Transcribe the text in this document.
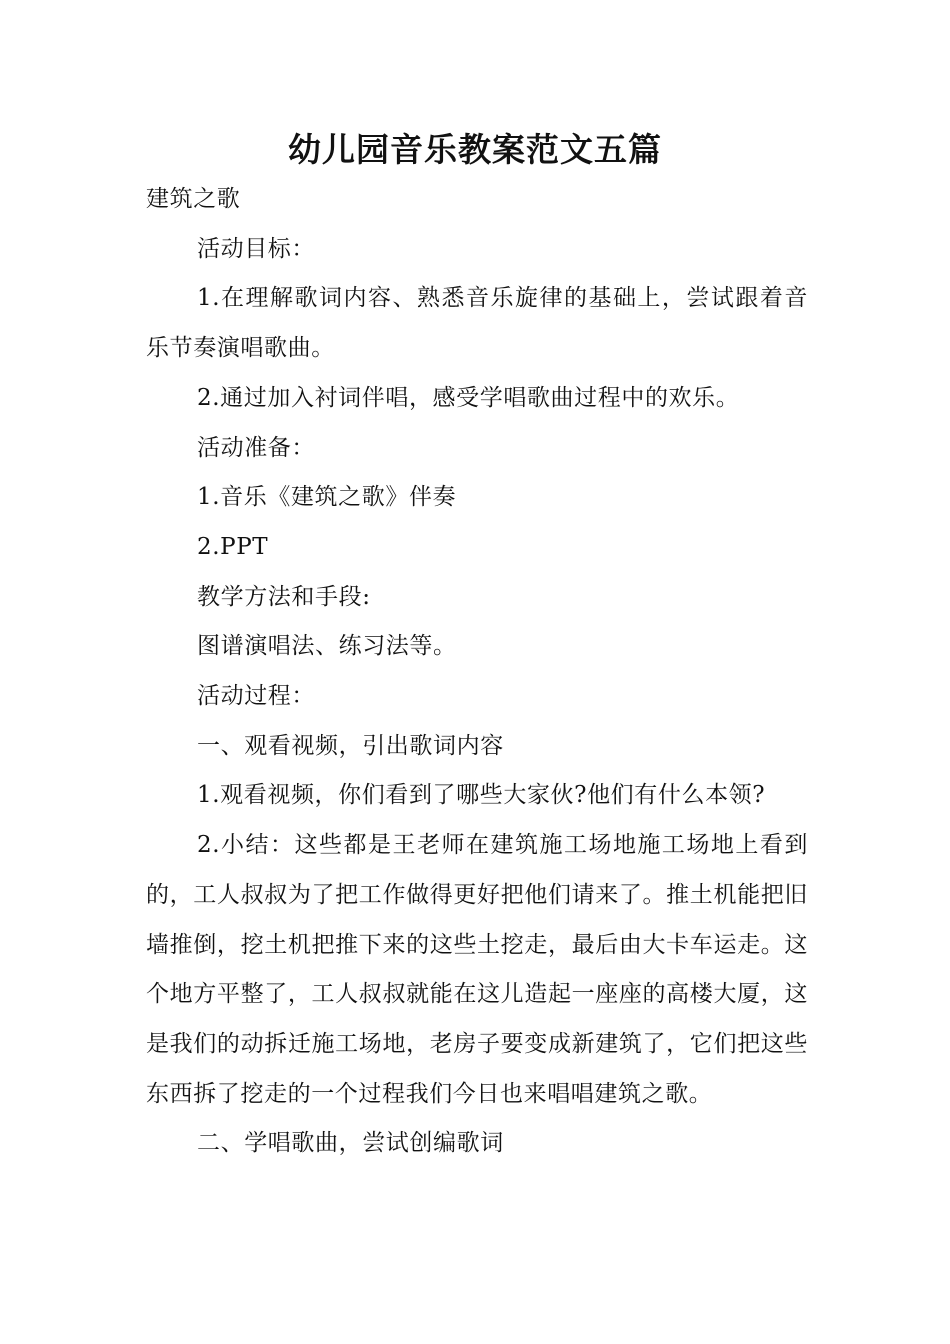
幼儿园音乐教案范文五篇

建筑之歌

活动目标：

1.在理解歌词内容、熟悉音乐旋律的基础上，尝试跟着音乐节奏演唱歌曲。

2.通过加入衬词伴唱，感受学唱歌曲过程中的欢乐。

活动准备：

1.音乐《建筑之歌》伴奏

2.PPT

教学方法和手段:

图谱演唱法、练习法等。

活动过程：

一、观看视频，引出歌词内容

1.观看视频，你们看到了哪些大家伙?他们有什么本领?

2.小结：这些都是王老师在建筑施工场地施工场地上看到的，工人叔叔为了把工作做得更好把他们请来了。推土机能把旧墙推倒，挖土机把推下来的这些土挖走，最后由大卡车运走。这个地方平整了，工人叔叔就能在这儿造起一座座的高楼大厦，这是我们的动拆迁施工场地，老房子要变成新建筑了，它们把这些东西拆了挖走的一个过程我们今日也来唱唱建筑之歌。

二、学唱歌曲，尝试创编歌词
